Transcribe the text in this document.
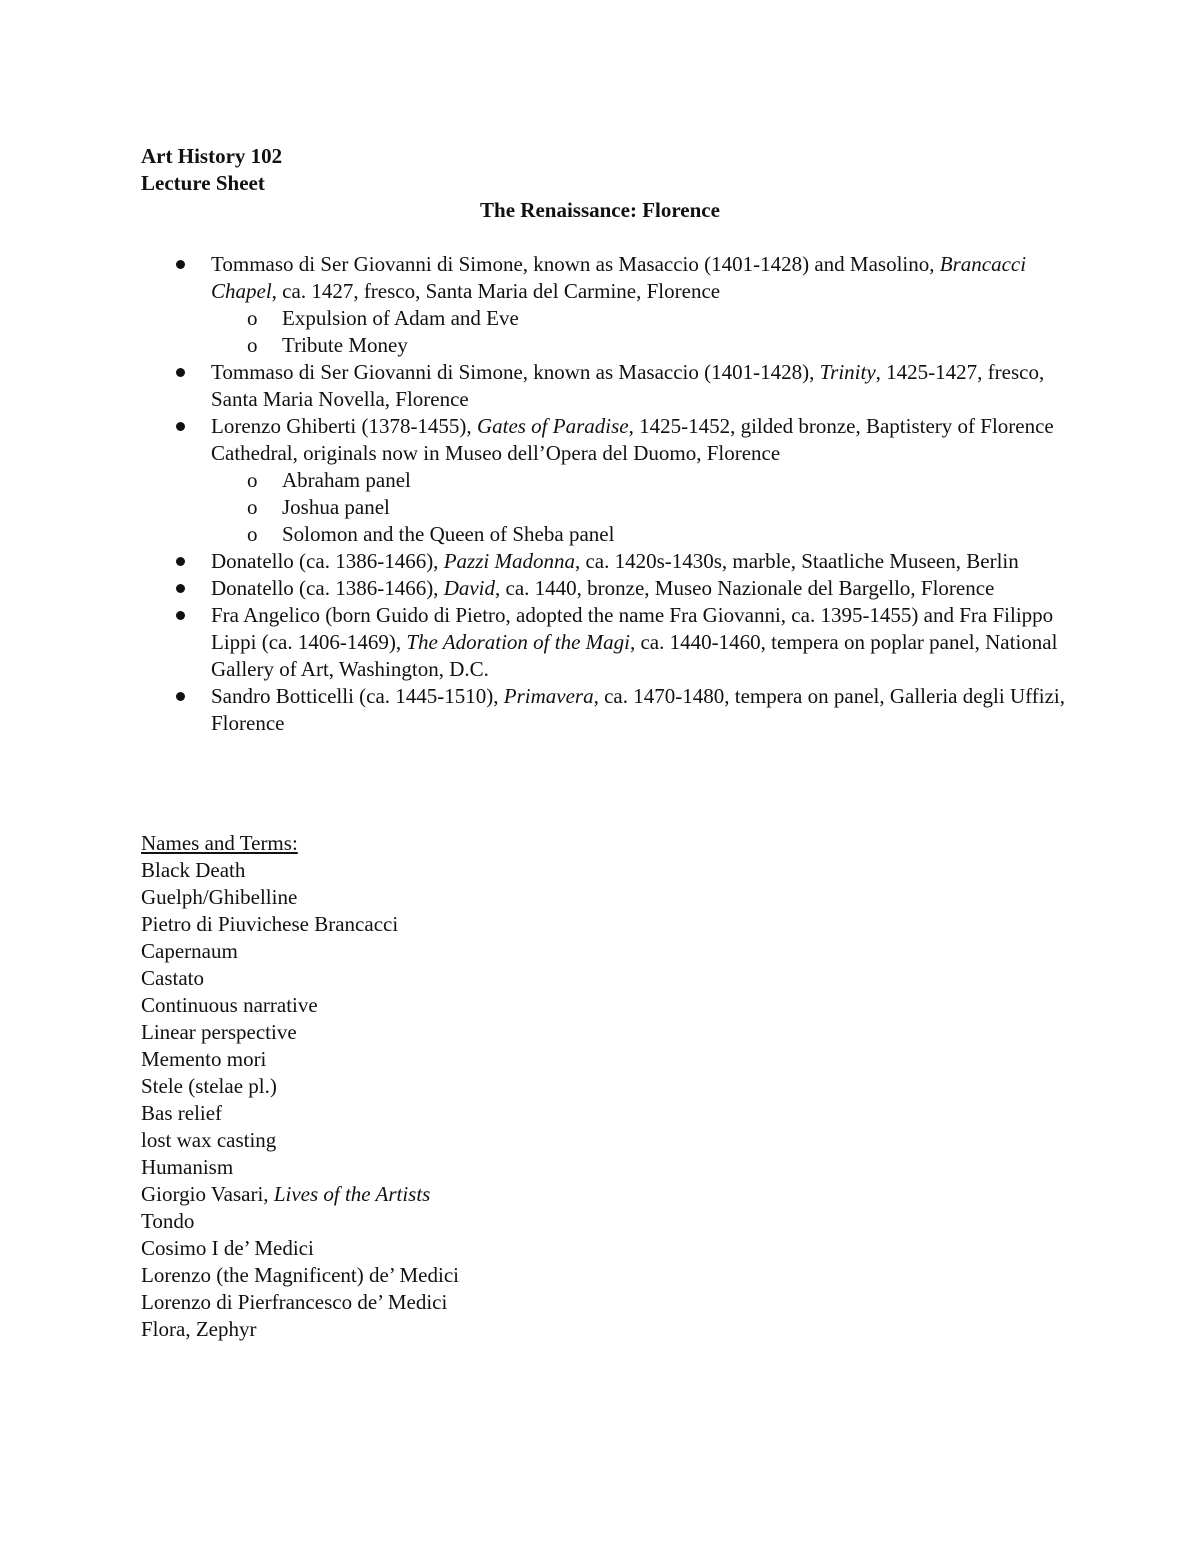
Art History 102
Lecture Sheet
The Renaissance: Florence
Tommaso di Ser Giovanni di Simone, known as Masaccio (1401-1428) and Masolino, Brancacci Chapel, ca. 1427, fresco, Santa Maria del Carmine, Florence
o Expulsion of Adam and Eve
o Tribute Money
Tommaso di Ser Giovanni di Simone, known as Masaccio (1401-1428), Trinity, 1425-1427, fresco, Santa Maria Novella, Florence
Lorenzo Ghiberti (1378-1455), Gates of Paradise, 1425-1452, gilded bronze, Baptistery of Florence Cathedral, originals now in Museo dell’Opera del Duomo, Florence
o Abraham panel
o Joshua panel
o Solomon and the Queen of Sheba panel
Donatello (ca. 1386-1466), Pazzi Madonna, ca. 1420s-1430s, marble, Staatliche Museen, Berlin
Donatello (ca. 1386-1466), David, ca. 1440, bronze, Museo Nazionale del Bargello, Florence
Fra Angelico (born Guido di Pietro, adopted the name Fra Giovanni, ca. 1395-1455) and Fra Filippo Lippi (ca. 1406-1469), The Adoration of the Magi, ca. 1440-1460, tempera on poplar panel, National Gallery of Art, Washington, D.C.
Sandro Botticelli (ca. 1445-1510), Primavera, ca. 1470-1480, tempera on panel, Galleria degli Uffizi, Florence
Names and Terms:
Black Death
Guelph/Ghibelline
Pietro di Piuvichese Brancacci
Capernaum
Castato
Continuous narrative
Linear perspective
Memento mori
Stele (stelae pl.)
Bas relief
lost wax casting
Humanism
Giorgio Vasari, Lives of the Artists
Tondo
Cosimo I de’ Medici
Lorenzo (the Magnificent) de’ Medici
Lorenzo di Pierfrancesco de’ Medici
Flora, Zephyr
